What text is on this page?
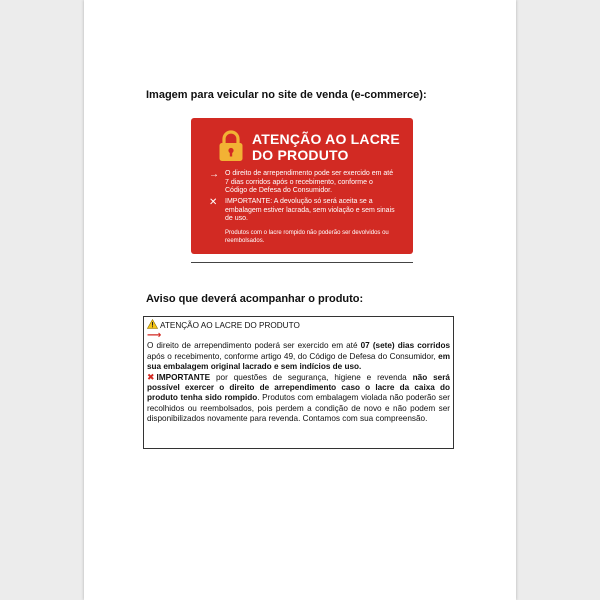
Imagem para veicular no site de venda (e-commerce):
ATENÇÃO AO LACRE DO PRODUTO
→ O direito de arrependimento pode ser exercido em até 7 dias corridos após o recebimento, conforme o Código de Defesa do Consumidor.
✕ IMPORTANTE: A devolução só será aceita se a embalagem estiver lacrada, sem violação e sem sinais de uso.
Produtos com o lacre rompido não poderão ser devolvidos ou reembolsados.
Aviso que deverá acompanhar o produto:

ATENÇÃO AO LACRE DO PRODUTO

⟶
O direito de arrependimento poderá ser exercido em até 07 (sete) dias corridos após o recebimento, conforme artigo 49, do Código de Defesa do Consumidor, em sua embalagem original lacrado e sem indícios de uso.

✖ IMPORTANTE por questões de segurança, higiene e revenda não será possível exercer o direito de arrependimento caso o lacre da caixa do produto tenha sido rompido. Produtos com embalagem violada não poderão ser recolhidos ou reembolsados, pois perdem a condição de novo e não podem ser disponibilizados novamente para revenda. Contamos com sua compreensão.
